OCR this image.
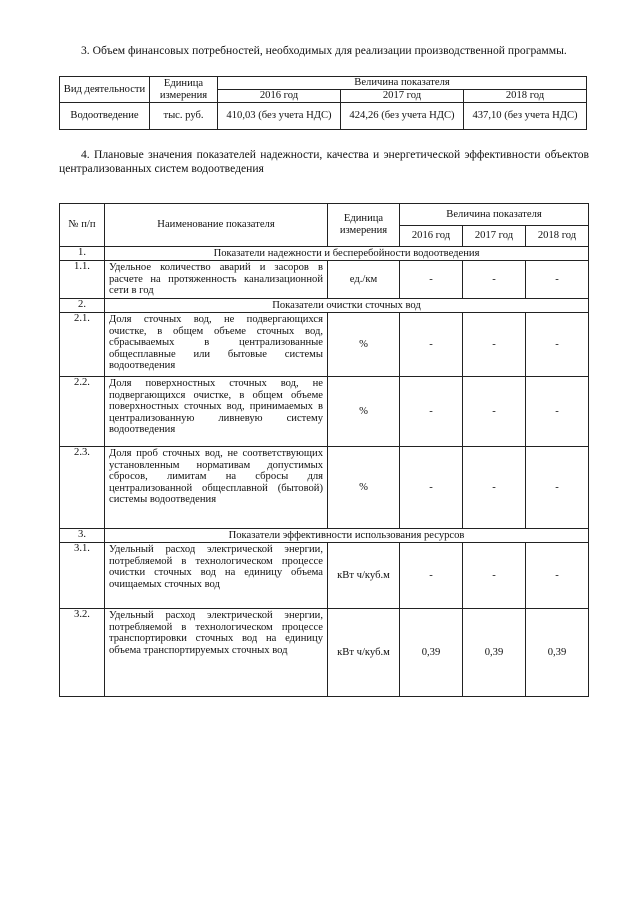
3. Объем финансовых потребностей, необходимых для реализации производственной программы.

Вид деятельности	Единица измерения	Величина показателя		
		2016 год	2017 год	2018 год
Водоотведение	тыс. руб.	410,03 (без учета НДС)	424,26 (без учета НДС)	437,10 (без учета НДС)

4. Плановые значения показателей надежности, качества и энергетической эффективности объектов централизованных систем водоотведения

№ п/п	Наименование показателя	Единица измерения	Величина показателя		
			2016 год	2017 год	2018 год
1.	Показатели надежности и бесперебойности водоотведения				
1.1.	Удельное количество аварий и засоров в расчете на протяженность канализационной сети в год	ед./км	-	-	-
2.	Показатели очистки сточных вод				
2.1.	Доля сточных вод, не подвергающихся очистке, в общем объеме сточных вод, сбрасываемых в централизованные общесплавные или бытовые системы водоотведения	%	-	-	-
2.2.	Доля поверхностных сточных вод, не подвергающихся очистке, в общем объеме поверхностных сточных вод, принимаемых в централизованную ливневую систему водоотведения	%	-	-	-
2.3.	Доля проб сточных вод, не соответствующих установленным нормативам допустимых сбросов, лимитам на сбросы для централизованной общесплавной (бытовой) системы водоотведения	%	-	-	-
3.	Показатели эффективности использования ресурсов				
3.1.	Удельный расход электрической энергии, потребляемой в технологическом процессе очистки сточных вод на единицу объема очищаемых сточных вод	кВт ч/куб.м	-	-	-
3.2.	Удельный расход электрической энергии, потребляемой в технологическом процессе транспортировки сточных вод на единицу объема транспортируемых сточных вод	кВт ч/куб.м	0,39	0,39	0,39
